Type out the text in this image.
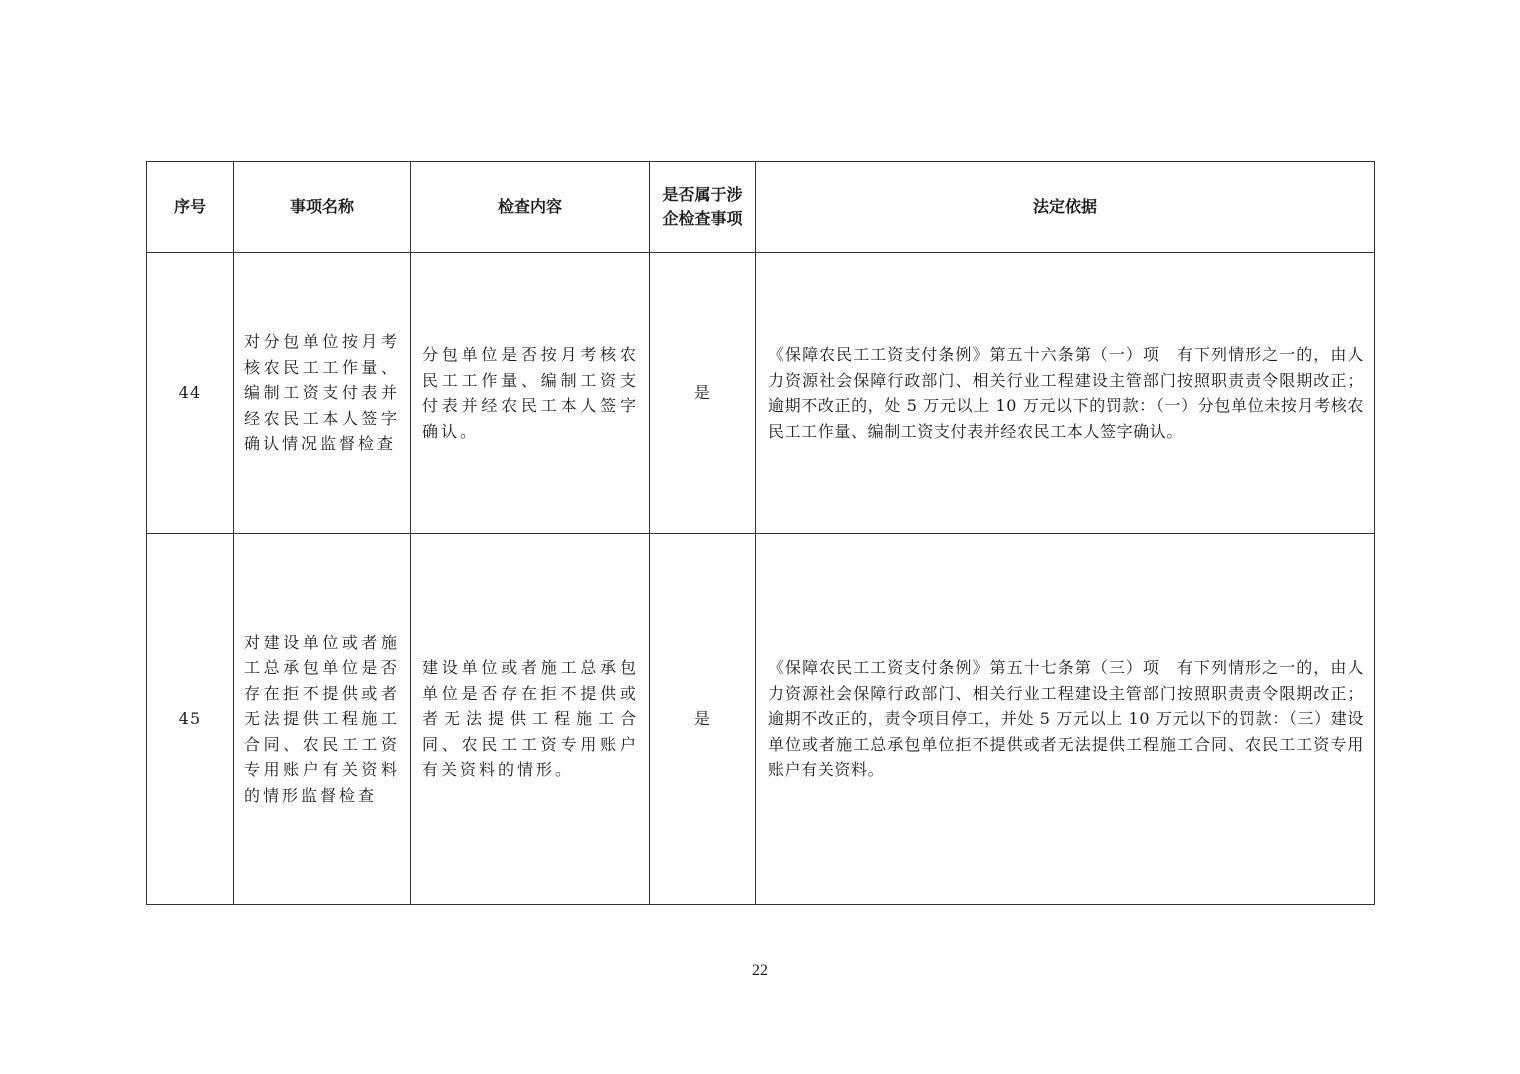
序号	事项名称	检查内容	是否属于涉企检查事项	法定依据
44	对分包单位按月考核农民工工作量、编制工资支付表并经农民工本人签字确认情况监督检查	分包单位是否按月考核农民工工作量、编制工资支付表并经农民工本人签字确认。	是	《保障农民工工资支付条例》第五十六条第（一）项　有下列情形之一的，由人力资源社会保障行政部门、相关行业工程建设主管部门按照职责责令限期改正；逾期不改正的，处 5 万元以上 10 万元以下的罚款：（一）分包单位未按月考核农民工工作量、编制工资支付表并经农民工本人签字确认。
45	对建设单位或者施工总承包单位是否存在拒不提供或者无法提供工程施工合同、农民工工资专用账户有关资料的情形监督检查	建设单位或者施工总承包单位是否存在拒不提供或者无法提供工程施工合同、农民工工资专用账户有关资料的情形。	是	《保障农民工工资支付条例》第五十七条第（三）项　有下列情形之一的，由人力资源社会保障行政部门、相关行业工程建设主管部门按照职责责令限期改正；逾期不改正的，责令项目停工，并处 5 万元以上 10 万元以下的罚款：（三）建设单位或者施工总承包单位拒不提供或者无法提供工程施工合同、农民工工资专用账户有关资料。
22
